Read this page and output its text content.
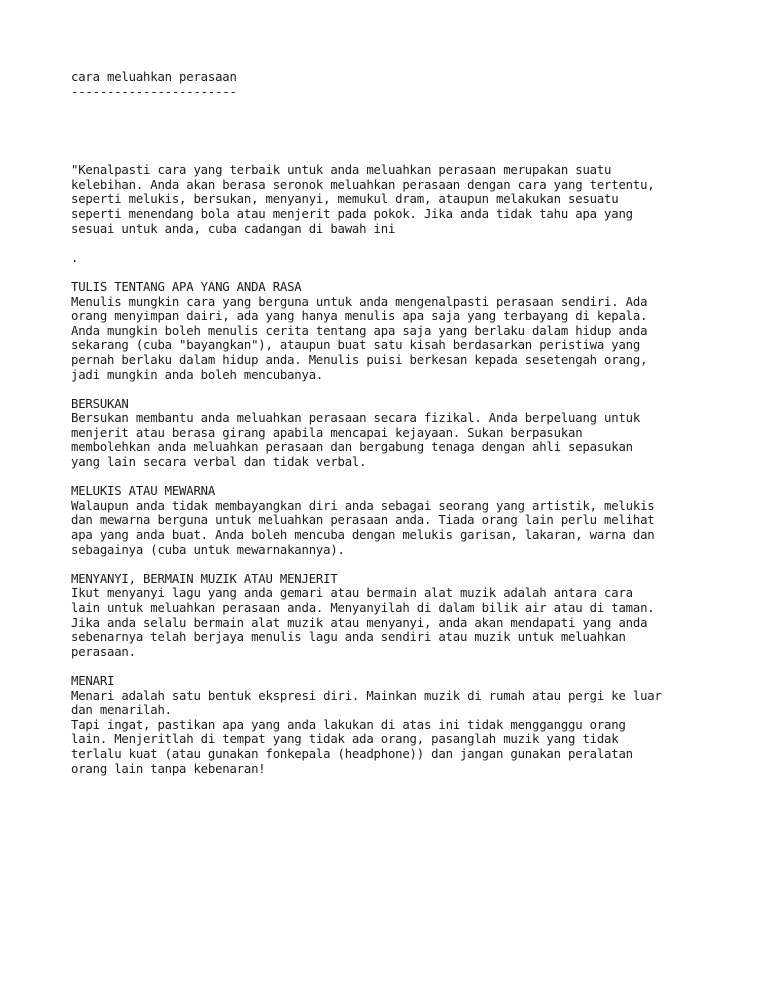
cara meluahkan perasaan
-----------------------
"Kenalpasti cara yang terbaik untuk anda meluahkan perasaan merupakan suatu
kelebihan. Anda akan berasa seronok meluahkan perasaan dengan cara yang tertentu,
seperti melukis, bersukan, menyanyi, memukul dram, ataupun melakukan sesuatu
seperti menendang bola atau menjerit pada pokok. Jika anda tidak tahu apa yang
sesuai untuk anda, cuba cadangan di bawah ini
.
TULIS TENTANG APA YANG ANDA RASA
Menulis mungkin cara yang berguna untuk anda mengenalpasti perasaan sendiri. Ada
orang menyimpan dairi, ada yang hanya menulis apa saja yang terbayang di kepala.
Anda mungkin boleh menulis cerita tentang apa saja yang berlaku dalam hidup anda
sekarang (cuba "bayangkan"), ataupun buat satu kisah berdasarkan peristiwa yang
pernah berlaku dalam hidup anda. Menulis puisi berkesan kepada sesetengah orang,
jadi mungkin anda boleh mencubanya.
BERSUKAN
Bersukan membantu anda meluahkan perasaan secara fizikal. Anda berpeluang untuk
menjerit atau berasa girang apabila mencapai kejayaan. Sukan berpasukan
membolehkan anda meluahkan perasaan dan bergabung tenaga dengan ahli sepasukan
yang lain secara verbal dan tidak verbal.
MELUKIS ATAU MEWARNA
Walaupun anda tidak membayangkan diri anda sebagai seorang yang artistik, melukis
dan mewarna berguna untuk meluahkan perasaan anda. Tiada orang lain perlu melihat
apa yang anda buat. Anda boleh mencuba dengan melukis garisan, lakaran, warna dan
sebagainya (cuba untuk mewarnakannya).
MENYANYI, BERMAIN MUZIK ATAU MENJERIT
Ikut menyanyi lagu yang anda gemari atau bermain alat muzik adalah antara cara
lain untuk meluahkan perasaan anda. Menyanyilah di dalam bilik air atau di taman.
Jika anda selalu bermain alat muzik atau menyanyi, anda akan mendapati yang anda
sebenarnya telah berjaya menulis lagu anda sendiri atau muzik untuk meluahkan
perasaan.
MENARI
Menari adalah satu bentuk ekspresi diri. Mainkan muzik di rumah atau pergi ke luar
dan menarilah.
Tapi ingat, pastikan apa yang anda lakukan di atas ini tidak mengganggu orang
lain. Menjeritlah di tempat yang tidak ada orang, pasanglah muzik yang tidak
terlalu kuat (atau gunakan fonkepala (headphone)) dan jangan gunakan peralatan
orang lain tanpa kebenaran!
